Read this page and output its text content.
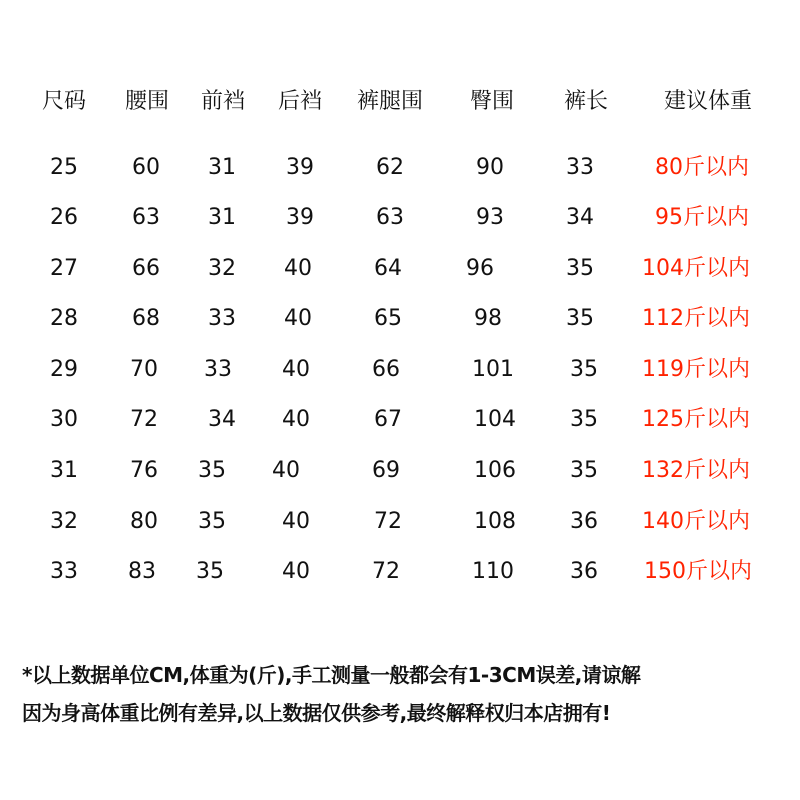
尺码	腰围	前裆	后裆	裤腿围	臀围	裤长	建议体重
25	60	31	39	62	90	33	80斤以内
26	63	31	39	63	93	34	95斤以内
27	66	32	40	64	96	35	104斤以内
28	68	33	40	65	98	35	112斤以内
29	70	33	40	66	101	35	119斤以内
30	72	34	40	67	104	35	125斤以内
31	76	35	40	69	106	35	132斤以内
32	80	35	40	72	108	36	140斤以内
33	83	35	40	72	110	36	150斤以内
*以上数据单位CM,体重为(斤),手工测量一般都会有1-3CM误差,请谅解
因为身高体重比例有差异,以上数据仅供参考,最终解释权归本店拥有!
